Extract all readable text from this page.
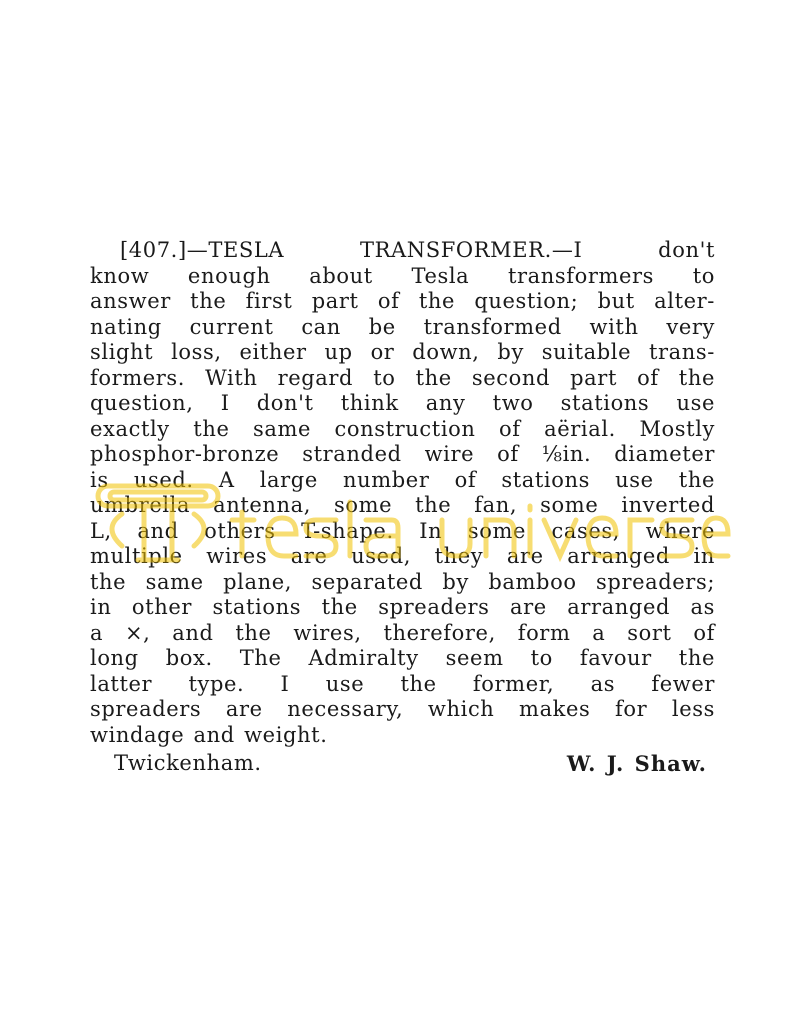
[407.]—TESLA TRANSFORMER.—I don't
know enough about Tesla transformers to
answer the first part of the question; but alter-
nating current can be transformed with very
slight loss, either up or down, by suitable trans-
formers. With regard to the second part of the
question, I don't think any two stations use
exactly the same construction of aërial. Mostly
phosphor-bronze stranded wire of ⅛in. diameter
is used. A large number of stations use the
umbrella antenna, some the fan, some inverted
L, and others T-shape. In some cases, where
multiple wires are used, they are arranged in
the same plane, separated by bamboo spreaders;
in other stations the spreaders are arranged as
a ×, and the wires, therefore, form a sort of
long box. The Admiralty seem to favour the
latter type. I use the former, as fewer
spreaders are necessary, which makes for less
windage and weight.
Twickenham.	W. J. Shaw.
